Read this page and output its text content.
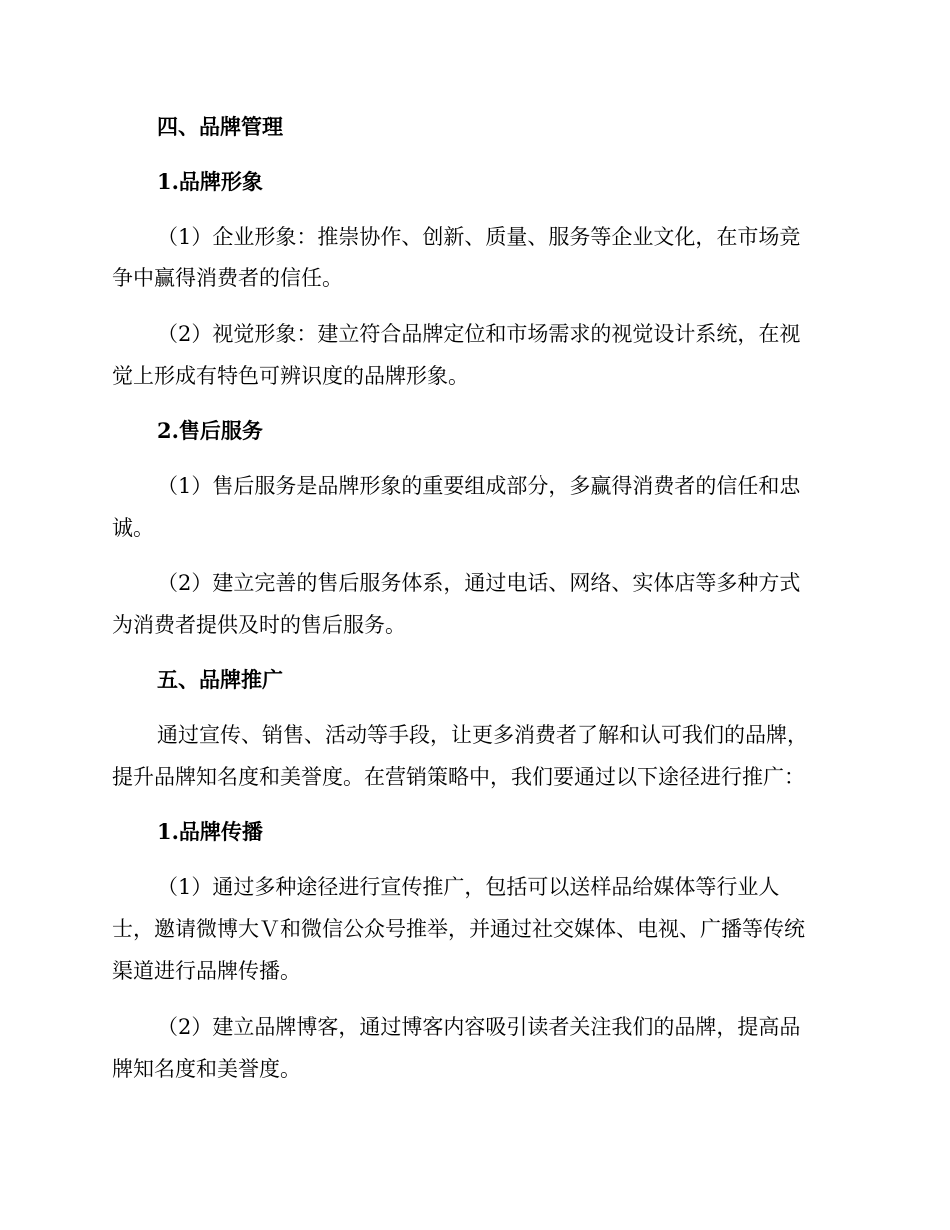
四、品牌管理

1.品牌形象

（1）企业形象：推崇协作、创新、质量、服务等企业文化，在市场竞

争中赢得消费者的信任。

（2）视觉形象：建立符合品牌定位和市场需求的视觉设计系统，在视

觉上形成有特色可辨识度的品牌形象。

2.售后服务

（1）售后服务是品牌形象的重要组成部分，多赢得消费者的信任和忠

诚。

（2）建立完善的售后服务体系，通过电话、网络、实体店等多种方式

为消费者提供及时的售后服务。

五、品牌推广

通过宣传、销售、活动等手段，让更多消费者了解和认可我们的品牌，

提升品牌知名度和美誉度。在营销策略中，我们要通过以下途径进行推广：

1.品牌传播

（1）通过多种途径进行宣传推广，包括可以送样品给媒体等行业人

士，邀请微博大Ｖ和微信公众号推举，并通过社交媒体、电视、广播等传统

渠道进行品牌传播。

（2）建立品牌博客，通过博客内容吸引读者关注我们的品牌，提高品

牌知名度和美誉度。
